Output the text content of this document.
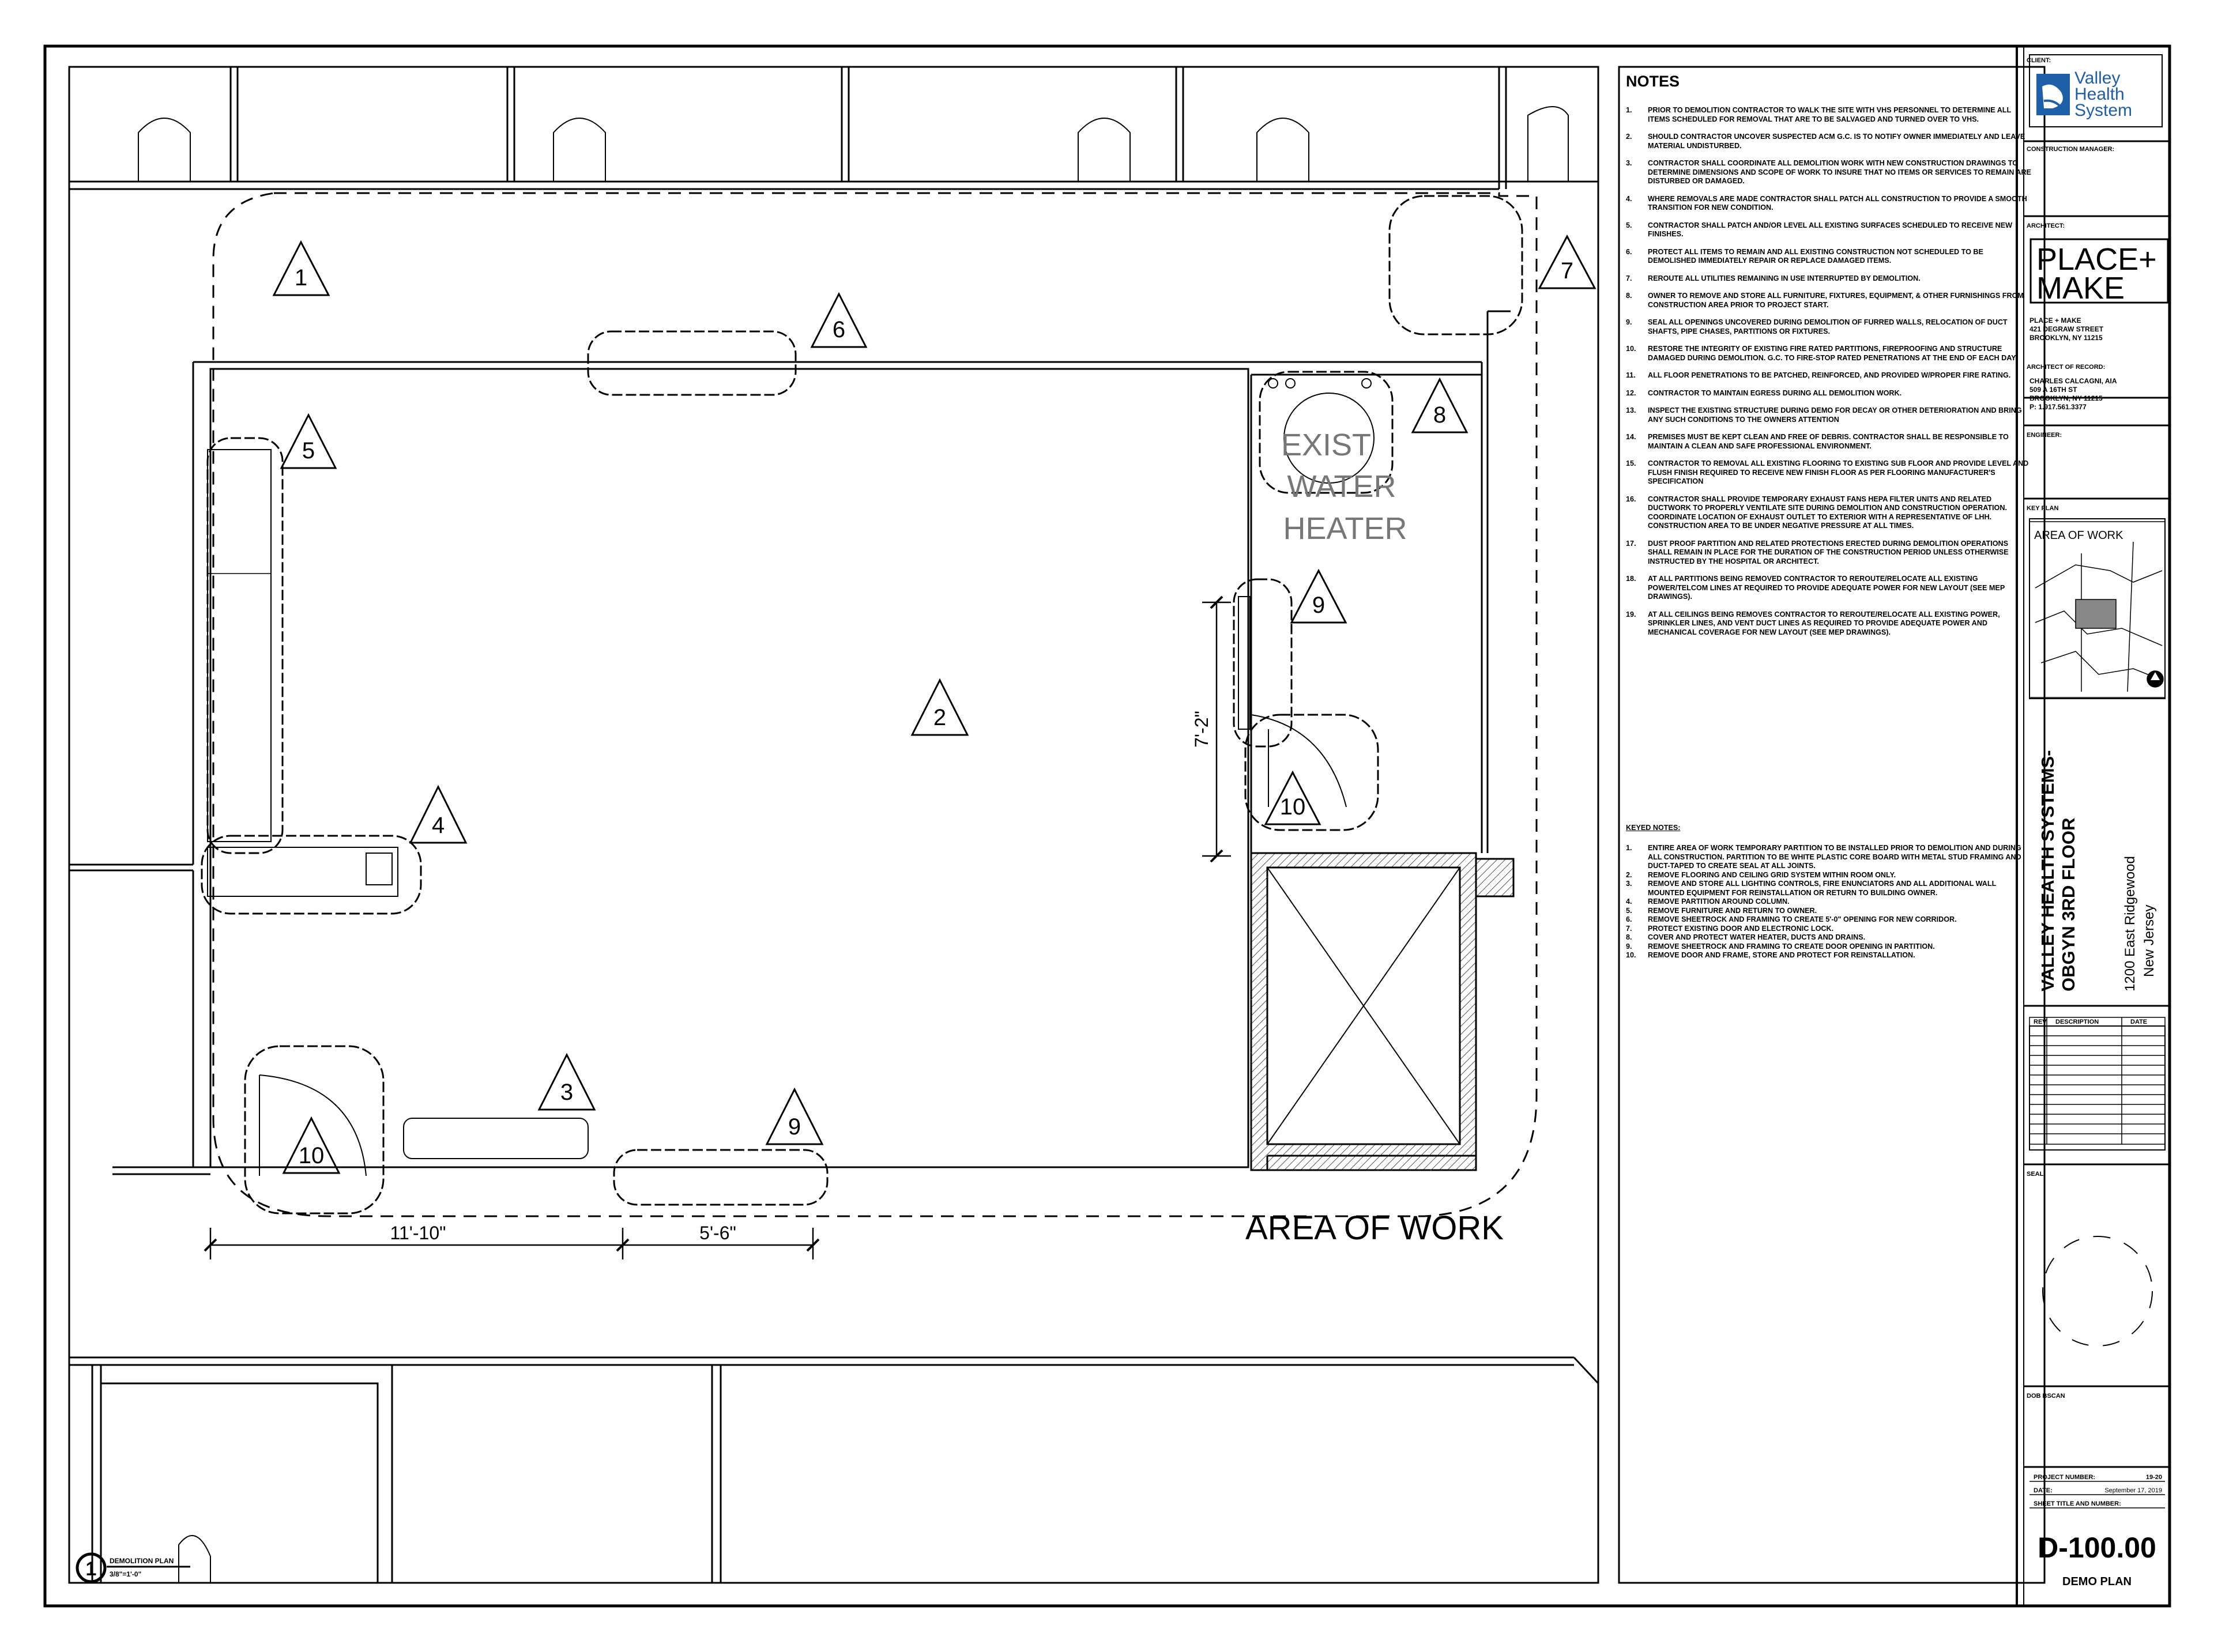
11'-10"	5'-6"
7'-2"
EXIST
WATER
HEATER
AREA OF WORK
1
2
3
4
5
6
7
8
9
9
10
10
1 DEMOLITION PLAN
3/8"=1'-0"
Valley
Health
System
PLACE+
MAKE
CLIENT:
CONSTRUCTION MANAGER:
ARCHITECT:
PLACE + MAKE
421 DEGRAW STREET
BROOKLYN, NY 11215
ARCHITECT OF RECORD:
CHARLES CALCAGNI, AIA
509 A 16TH ST
BROOKLYN, NY 11215
P: 1.917.561.3377
ENGINEER:
KEY PLAN
AREA OF WORK
VALLEY HEALTH SYSTEMS- OBGYN 3RD FLOOR	1200 East Ridgewood New Jersey
REV DESCRIPTION	DATE
SEAL
DOB BSCAN
PROJECT NUMBER:	19-20
DATE:	September 17, 2019
SHEET TITLE AND NUMBER:
D-100.00
DEMO PLAN
NOTES
1. PRIOR TO DEMOLITION CONTRACTOR TO WALK THE SITE WITH VHS PERSONNEL TO DETERMINE ALL ITEMS SCHEDULED FOR REMOVAL THAT ARE TO BE SALVAGED AND TURNED OVER TO VHS.
2. SHOULD CONTRACTOR UNCOVER SUSPECTED ACM G.C. IS TO NOTIFY OWNER IMMEDIATELY AND LEAVE MATERIAL UNDISTURBED.
3. CONTRACTOR SHALL COORDINATE ALL DEMOLITION WORK WITH NEW CONSTRUCTION DRAWINGS TO DETERMINE DIMENSIONS AND SCOPE OF WORK TO INSURE THAT NO ITEMS OR SERVICES TO REMAIN ARE DISTURBED OR DAMAGED.
4. WHERE REMOVALS ARE MADE CONTRACTOR SHALL PATCH ALL CONSTRUCTION TO PROVIDE A SMOOTH TRANSITION FOR NEW CONDITION.
5. CONTRACTOR SHALL PATCH AND/OR LEVEL ALL EXISTING SURFACES SCHEDULED TO RECEIVE NEW FINISHES.
6. PROTECT ALL ITEMS TO REMAIN AND ALL EXISTING CONSTRUCTION NOT SCHEDULED TO BE DEMOLISHED IMMEDIATELY REPAIR OR REPLACE DAMAGED ITEMS.
7. REROUTE ALL UTILITIES REMAINING IN USE INTERRUPTED BY DEMOLITION.
8. OWNER TO REMOVE AND STORE ALL FURNITURE, FIXTURES, EQUIPMENT, & OTHER FURNISHINGS FROM CONSTRUCTION AREA PRIOR TO PROJECT START.
9. SEAL ALL OPENINGS UNCOVERED DURING DEMOLITION OF FURRED WALLS, RELOCATION OF DUCT SHAFTS, PIPE CHASES, PARTITIONS OR FIXTURES.
10. RESTORE THE INTEGRITY OF EXISTING FIRE RATED PARTITIONS, FIREPROOFING AND STRUCTURE DAMAGED DURING DEMOLITION. G.C. TO FIRE-STOP RATED PENETRATIONS AT THE END OF EACH DAY.
11. ALL FLOOR PENETRATIONS TO BE PATCHED, REINFORCED, AND PROVIDED W/PROPER FIRE RATING.
12. CONTRACTOR TO MAINTAIN EGRESS DURING ALL DEMOLITION WORK.
13. INSPECT THE EXISTING STRUCTURE DURING DEMO FOR DECAY OR OTHER DETERIORATION AND BRING ANY SUCH CONDITIONS TO THE OWNERS ATTENTION
14. PREMISES MUST BE KEPT CLEAN AND FREE OF DEBRIS. CONTRACTOR SHALL BE RESPONSIBLE TO MAINTAIN A CLEAN AND SAFE PROFESSIONAL ENVIRONMENT.
15. CONTRACTOR TO REMOVAL ALL EXISTING FLOORING TO EXISTING SUB FLOOR AND PROVIDE LEVEL AND FLUSH FINISH REQUIRED TO RECEIVE NEW FINISH FLOOR AS PER FLOORING MANUFACTURER'S SPECIFICATION
16. CONTRACTOR SHALL PROVIDE TEMPORARY EXHAUST FANS HEPA FILTER UNITS AND RELATED DUCTWORK TO PROPERLY VENTILATE SITE DURING DEMOLITION AND CONSTRUCTION OPERATION. COORDINATE LOCATION OF EXHAUST OUTLET TO EXTERIOR WITH A REPRESENTATIVE OF LHH. CONSTRUCTION AREA TO BE UNDER NEGATIVE PRESSURE AT ALL TIMES.
17. DUST PROOF PARTITION AND RELATED PROTECTIONS ERECTED DURING DEMOLITION OPERATIONS SHALL REMAIN IN PLACE FOR THE DURATION OF THE CONSTRUCTION PERIOD UNLESS OTHERWISE INSTRUCTED BY THE HOSPITAL OR ARCHITECT.
18. AT ALL PARTITIONS BEING REMOVED CONTRACTOR TO REROUTE/RELOCATE ALL EXISTING POWER/TELCOM LINES AT REQUIRED TO PROVIDE ADEQUATE POWER FOR NEW LAYOUT (SEE MEP DRAWINGS).
19. AT ALL CEILINGS BEING REMOVES CONTRACTOR TO REROUTE/RELOCATE ALL EXISTING POWER, SPRINKLER LINES, AND VENT DUCT LINES AS REQUIRED TO PROVIDE ADEQUATE POWER AND MECHANICAL COVERAGE FOR NEW LAYOUT (SEE MEP DRAWINGS).
KEYED NOTES:
1. ENTIRE AREA OF WORK TEMPORARY PARTITION TO BE INSTALLED PRIOR TO DEMOLITION AND DURING ALL CONSTRUCTION. PARTITION TO BE WHITE PLASTIC CORE BOARD WITH METAL STUD FRAMING AND DUCT-TAPED TO CREATE SEAL AT ALL JOINTS.
2. REMOVE FLOORING AND CEILING GRID SYSTEM WITHIN ROOM ONLY.
3. REMOVE AND STORE ALL LIGHTING CONTROLS, FIRE ENUNCIATORS AND ALL ADDITIONAL WALL MOUNTED EQUIPMENT FOR REINSTALLATION OR RETURN TO BUILDING OWNER.
4. REMOVE PARTITION AROUND COLUMN.
5. REMOVE FURNITURE AND RETURN TO OWNER.
6. REMOVE SHEETROCK AND FRAMING TO CREATE 5'-0" OPENING FOR NEW CORRIDOR.
7. PROTECT EXISTING DOOR AND ELECTRONIC LOCK.
8. COVER AND PROTECT WATER HEATER, DUCTS AND DRAINS.
9. REMOVE SHEETROCK AND FRAMING TO CREATE DOOR OPENING IN PARTITION.
10. REMOVE DOOR AND FRAME, STORE AND PROTECT FOR REINSTALLATION.
